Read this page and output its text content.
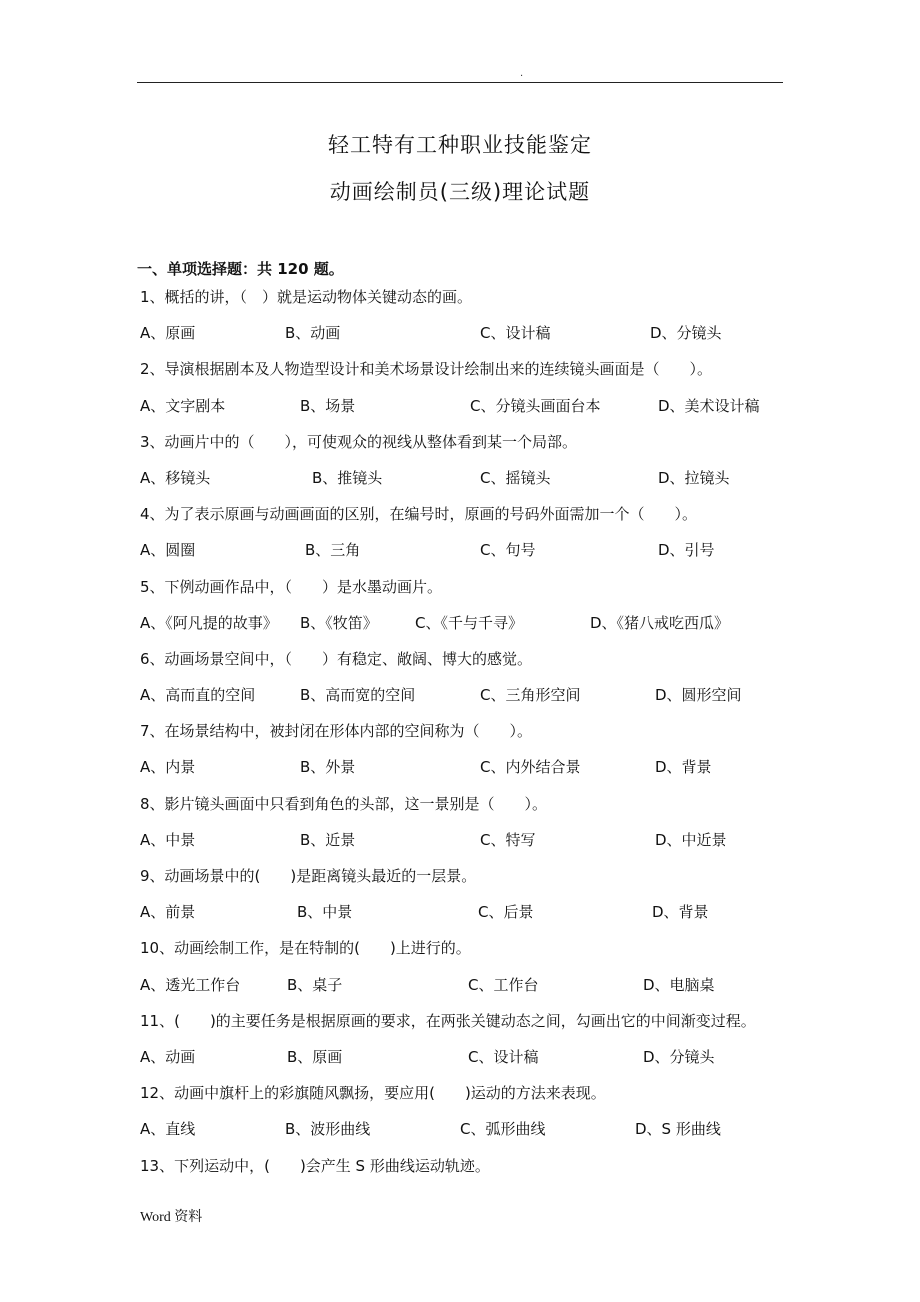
.
轻工特有工种职业技能鉴定
动画绘制员(三级)理论试题
一、单项选择题：共 120 题。
1、概括的讲，（　）就是运动物体关键动态的画。
A、原画	B、动画	C、设计稿	D、分镜头
2、导演根据剧本及人物造型设计和美术场景设计绘制出来的连续镜头画面是（　　）。
A、文字剧本	B、场景	C、分镜头画面台本	D、美术设计稿
3、动画片中的（　　），可使观众的视线从整体看到某一个局部。
A、移镜头	B、推镜头	C、摇镜头	D、拉镜头
4、为了表示原画与动画画面的区别，在编号时，原画的号码外面需加一个（　　）。
A、圆圈	B、三角	C、句号	D、引号
5、下例动画作品中，（　　）是水墨动画片。
A、《阿凡提的故事》 B、《牧笛》 C、《千与千寻》	D、《猪八戒吃西瓜》
6、动画场景空间中，（　　）有稳定、敞阔、博大的感觉。
A、高而直的空间	B、高而宽的空间	C、三角形空间	D、圆形空间
7、在场景结构中，被封闭在形体内部的空间称为（　　）。
A、内景	B、外景	C、内外结合景	D、背景
8、影片镜头画面中只看到角色的头部，这一景别是（　　）。
A、中景	B、近景	C、特写	D、中近景
9、动画场景中的(　　)是距离镜头最近的一层景。
A、前景	B、中景	C、后景	D、背景
10、动画绘制工作，是在特制的(　　)上进行的。
A、透光工作台	B、桌子	C、工作台	D、电脑桌
11、(　　)的主要任务是根据原画的要求，在两张关键动态之间，勾画出它的中间渐变过程。
A、动画	B、原画	C、设计稿	D、分镜头
12、动画中旗杆上的彩旗随风飘扬，要应用(　　)运动的方法来表现。
A、直线	B、波形曲线	C、弧形曲线	D、S 形曲线
13、下列运动中，(　　)会产生 S 形曲线运动轨迹。
Word 资料
